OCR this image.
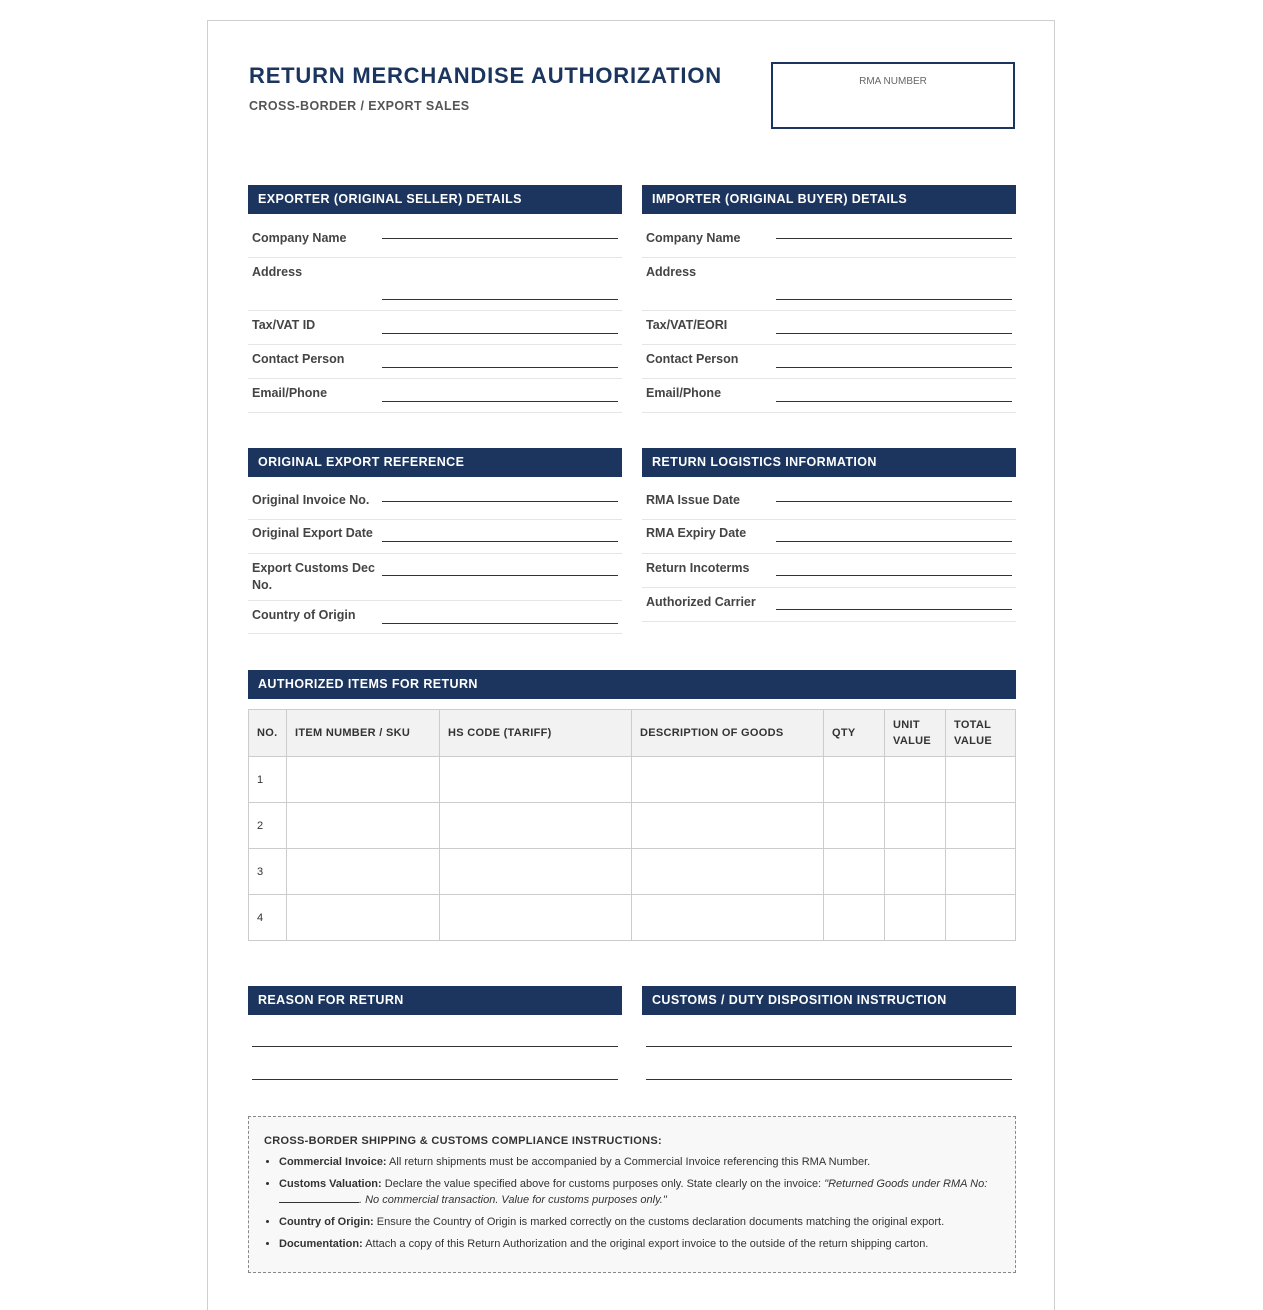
RETURN MERCHANDISE AUTHORIZATION
CROSS-BORDER / EXPORT SALES
RMA NUMBER
EXPORTER (ORIGINAL SELLER) DETAILS
Company Name
Address
Tax/VAT ID
Contact Person
Email/Phone
IMPORTER (ORIGINAL BUYER) DETAILS
Company Name
Address
Tax/VAT/EORI
Contact Person
Email/Phone
ORIGINAL EXPORT REFERENCE
Original Invoice No.
Original Export Date
Export Customs Dec No.
Country of Origin
RETURN LOGISTICS INFORMATION
RMA Issue Date
RMA Expiry Date
Return Incoterms
Authorized Carrier
AUTHORIZED ITEMS FOR RETURN
NO.	ITEM NUMBER / SKU	HS CODE (TARIFF)	DESCRIPTION OF GOODS	QTY	UNIT VALUE	TOTAL VALUE
1						
2						
3						
4						
REASON FOR RETURN	CUSTOMS / DUTY DISPOSITION INSTRUCTION
CROSS-BORDER SHIPPING & CUSTOMS COMPLIANCE INSTRUCTIONS:
• Commercial Invoice: All return shipments must be accompanied by a Commercial Invoice referencing this RMA Number.
• Customs Valuation: Declare the value specified above for customs purposes only. State clearly on the invoice: "Returned Goods under RMA No: . No commercial transaction. Value for customs purposes only."
• Country of Origin: Ensure the Country of Origin is marked correctly on the customs declaration documents matching the original export.
• Documentation: Attach a copy of this Return Authorization and the original export invoice to the outside of the return shipping carton.
